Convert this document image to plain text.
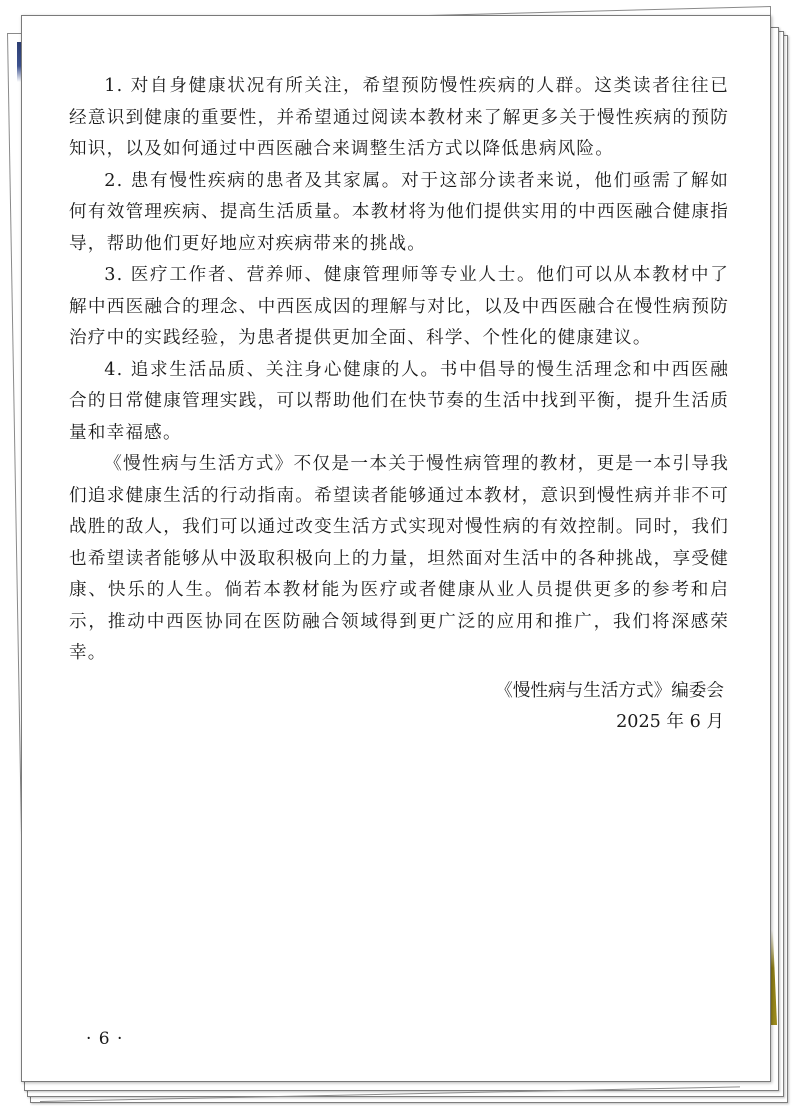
1. 对自身健康状况有所关注，希望预防慢性疾病的人群。这类读者往往已经意识到健康的重要性，并希望通过阅读本教材来了解更多关于慢性疾病的预防知识，以及如何通过中西医融合来调整生活方式以降低患病风险。

2. 患有慢性疾病的患者及其家属。对于这部分读者来说，他们亟需了解如何有效管理疾病、提高生活质量。本教材将为他们提供实用的中西医融合健康指导，帮助他们更好地应对疾病带来的挑战。

3. 医疗工作者、营养师、健康管理师等专业人士。他们可以从本教材中了解中西医融合的理念、中西医成因的理解与对比，以及中西医融合在慢性病预防治疗中的实践经验，为患者提供更加全面、科学、个性化的健康建议。

4. 追求生活品质、关注身心健康的人。书中倡导的慢生活理念和中西医融合的日常健康管理实践，可以帮助他们在快节奏的生活中找到平衡，提升生活质量和幸福感。

《慢性病与生活方式》不仅是一本关于慢性病管理的教材，更是一本引导我们追求健康生活的行动指南。希望读者能够通过本教材，意识到慢性病并非不可战胜的敌人，我们可以通过改变生活方式实现对慢性病的有效控制。同时，我们也希望读者能够从中汲取积极向上的力量，坦然面对生活中的各种挑战，享受健康、快乐的人生。倘若本教材能为医疗或者健康从业人员提供更多的参考和启示，推动中西医协同在医防融合领域得到更广泛的应用和推广，我们将深感荣幸。

《慢性病与生活方式》编委会
2025 年 6 月
· 6 ·
